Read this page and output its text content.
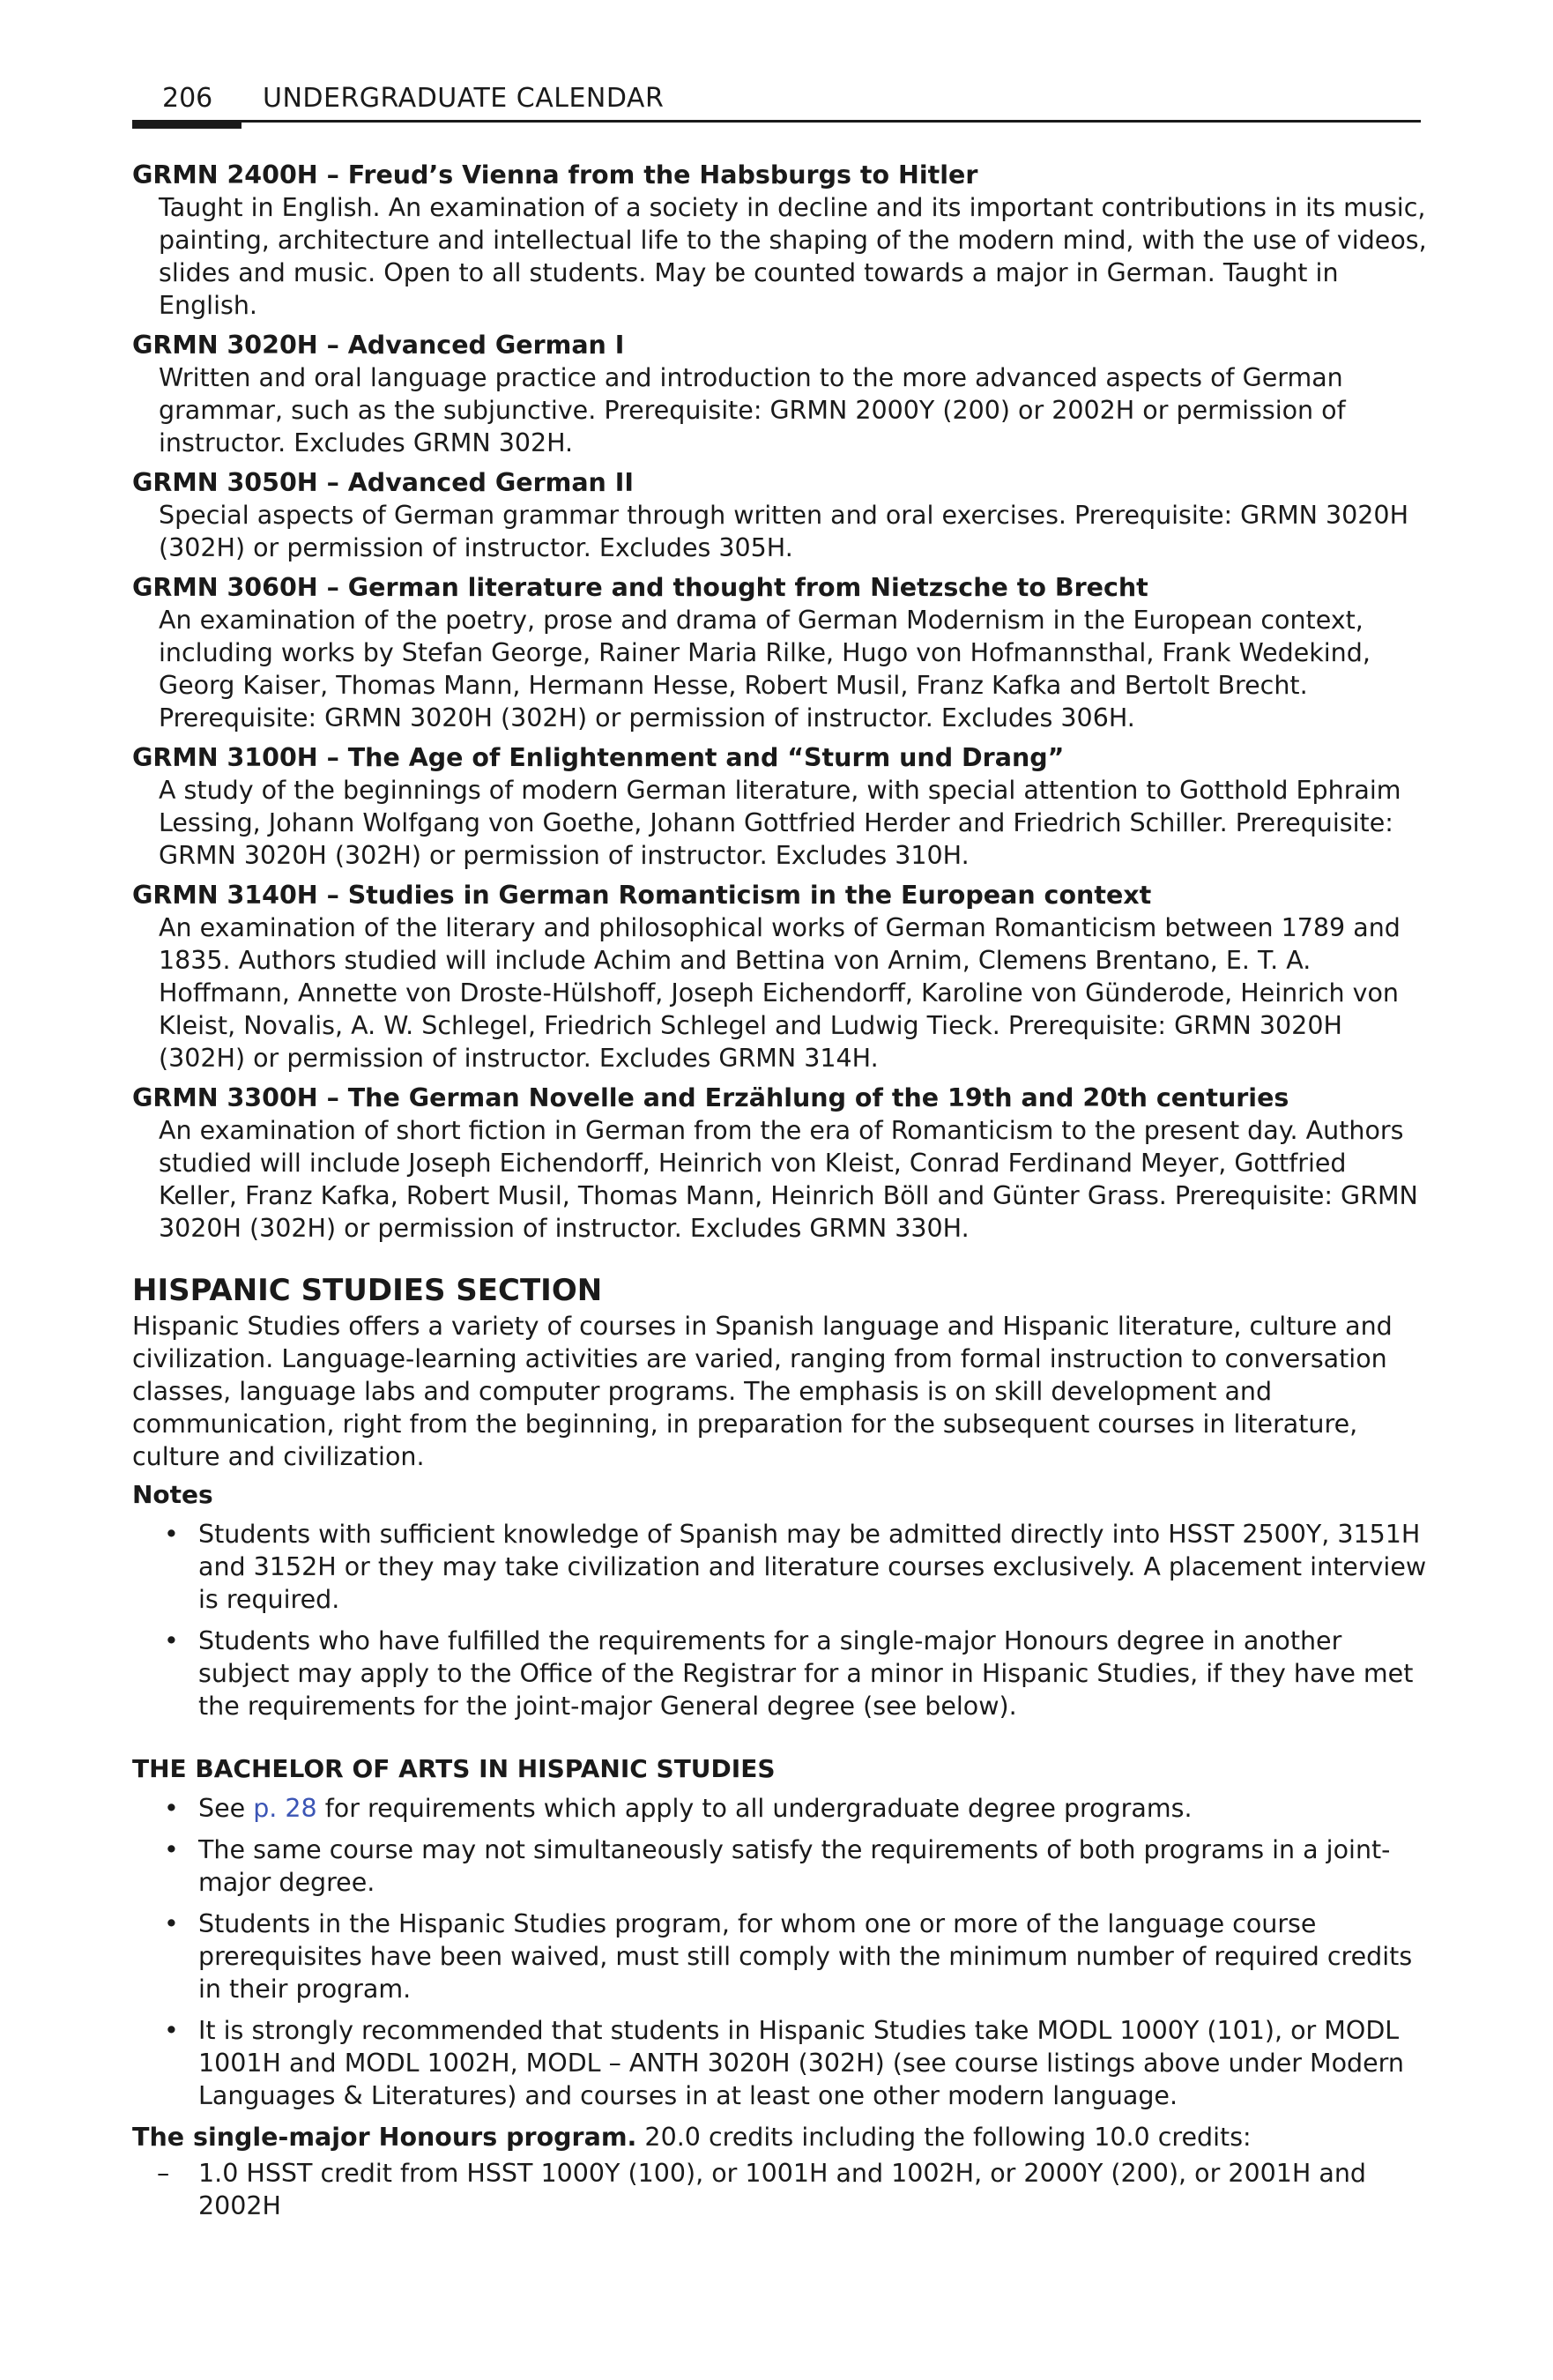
206 UNDERGRADUATE CALENDAR
GRMN 2400H – Freud’s Vienna from the Habsburgs to Hitler
Taught in English. An examination of a society in decline and its important contributions in its music, painting, architecture and intellectual life to the shaping of the modern mind, with the use of videos, slides and music. Open to all students. May be counted towards a major in German. Taught in English.
GRMN 3020H – Advanced German I
Written and oral language practice and introduction to the more advanced aspects of German grammar, such as the subjunctive. Prerequisite: GRMN 2000Y (200) or 2002H or permission of instructor. Excludes GRMN 302H.
GRMN 3050H – Advanced German II
Special aspects of German grammar through written and oral exercises. Prerequisite: GRMN 3020H (302H) or permission of instructor. Excludes 305H.
GRMN 3060H – German literature and thought from Nietzsche to Brecht
An examination of the poetry, prose and drama of German Modernism in the European context, including works by Stefan George, Rainer Maria Rilke, Hugo von Hofmannsthal, Frank Wedekind, Georg Kaiser, Thomas Mann, Hermann Hesse, Robert Musil, Franz Kafka and Bertolt Brecht. Prerequisite: GRMN 3020H (302H) or permission of instructor. Excludes 306H.
GRMN 3100H – The Age of Enlightenment and “Sturm und Drang”
A study of the beginnings of modern German literature, with special attention to Gotthold Ephraim Lessing, Johann Wolfgang von Goethe, Johann Gottfried Herder and Friedrich Schiller. Prerequisite: GRMN 3020H (302H) or permission of instructor. Excludes 310H.
GRMN 3140H – Studies in German Romanticism in the European context
An examination of the literary and philosophical works of German Romanticism between 1789 and 1835. Authors studied will include Achim and Bettina von Arnim, Clemens Brentano, E. T. A. Hoffmann, Annette von Droste-Hülshoff, Joseph Eichendorff, Karoline von Günderode, Heinrich von Kleist, Novalis, A. W. Schlegel, Friedrich Schlegel and Ludwig Tieck. Prerequisite: GRMN 3020H (302H) or permission of instructor. Excludes GRMN 314H.
GRMN 3300H – The German Novelle and Erzählung of the 19th and 20th centuries
An examination of short fiction in German from the era of Romanticism to the present day. Authors studied will include Joseph Eichendorff, Heinrich von Kleist, Conrad Ferdinand Meyer, Gottfried Keller, Franz Kafka, Robert Musil, Thomas Mann, Heinrich Böll and Günter Grass. Prerequisite: GRMN 3020H (302H) or permission of instructor. Excludes GRMN 330H.
HISPANIC STUDIES SECTION
Hispanic Studies offers a variety of courses in Spanish language and Hispanic literature, culture and civilization. Language-learning activities are varied, ranging from formal instruction to conversation classes, language labs and computer programs. The emphasis is on skill development and communication, right from the beginning, in preparation for the subsequent courses in literature, culture and civilization.
Notes
• Students with sufficient knowledge of Spanish may be admitted directly into HSST 2500Y, 3151H and 3152H or they may take civilization and literature courses exclusively. A placement interview is required.
• Students who have fulfilled the requirements for a single-major Honours degree in another subject may apply to the Office of the Registrar for a minor in Hispanic Studies, if they have met the requirements for the joint-major General degree (see below).
THE BACHELOR OF ARTS IN HISPANIC STUDIES
• See p. 28 for requirements which apply to all undergraduate degree programs.
• The same course may not simultaneously satisfy the requirements of both programs in a joint-major degree.
• Students in the Hispanic Studies program, for whom one or more of the language course prerequisites have been waived, must still comply with the minimum number of required credits in their program.
• It is strongly recommended that students in Hispanic Studies take MODL 1000Y (101), or MODL 1001H and MODL 1002H, MODL – ANTH 3020H (302H) (see course listings above under Modern Languages & Literatures) and courses in at least one other modern language.
The single-major Honours program. 20.0 credits including the following 10.0 credits:
– 1.0 HSST credit from HSST 1000Y (100), or 1001H and 1002H, or 2000Y (200), or 2001H and 2002H
